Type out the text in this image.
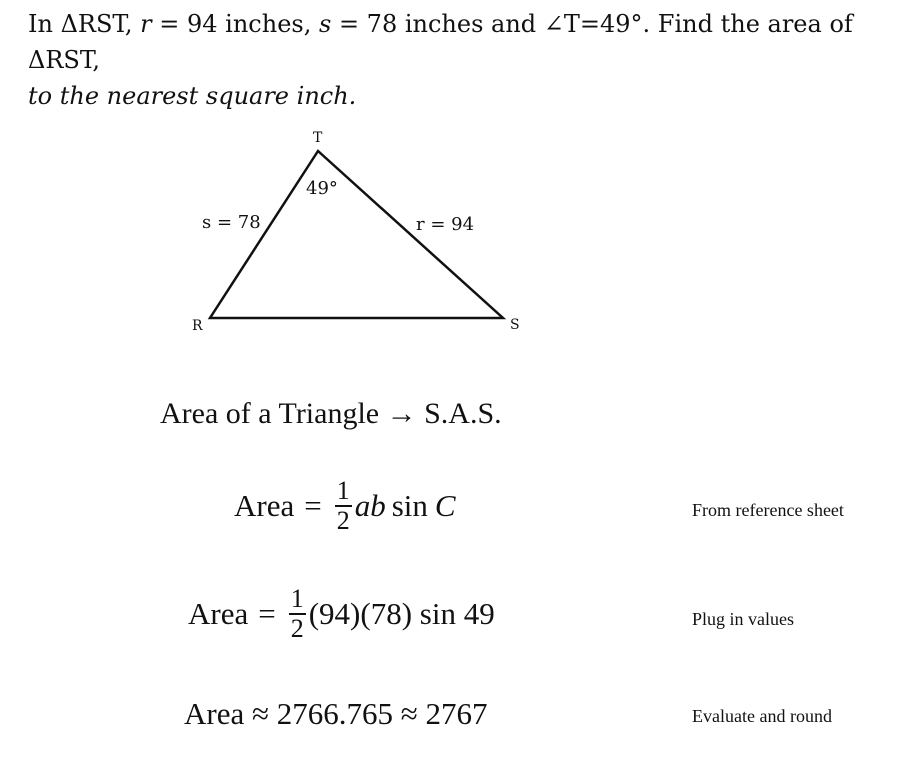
In ΔRST, r = 94 inches, s = 78 inches and ∠T=49°. Find the area of ΔRST,
to the nearest square inch.
T
R	S
49°
s = 78	r = 94
Area of a Triangle → S.A.S.
Area = $\frac{1}{2}$ a b sin C	From reference sheet
Area = $\frac{1}{2} (94)(78)$ sin 49	Plug in values
Area ≈ 2766.765 ≈ 2767	Evaluate and round
